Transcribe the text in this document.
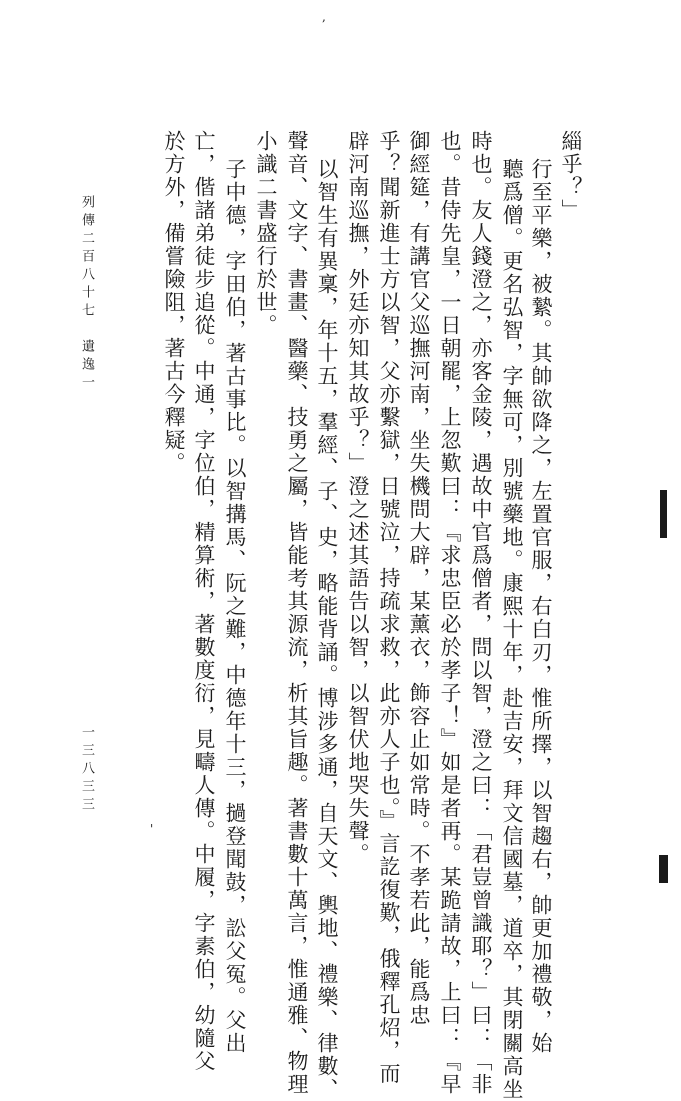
,
緇乎？」
行至平樂，被縶。其帥欲降之，左置官服，右白刃，惟所擇，以智趨右，帥更加禮敬，始
聽爲僧。更名弘智，字無可，別號藥地。康熙十年，赴吉安，拜文信國墓，道卒，其閉關高坐
時也。友人錢澄之，亦客金陵，遇故中官爲僧者，問以智，澄之曰：「君豈曾識耶？」曰：「非
也。昔侍先皇，一日朝罷，上忽歎曰：『求忠臣必於孝子！』如是者再。某跪請故，上曰：『早
御經筵，有講官父巡撫河南，坐失機問大辟，某薰衣，飾容止如常時。不孝若此，能爲忠
乎？聞新進士方以智，父亦繫獄，日號泣，持疏求救，此亦人子也。』言訖復歎，俄釋孔炤，而
辟河南巡撫，外廷亦知其故乎？」澄之述其語告以智，以智伏地哭失聲。
以智生有異稟，年十五，羣經、子、史，略能背誦。博涉多通，自天文、輿地、禮樂、律數、
聲音、文字、書畫、醫藥、技勇之屬，皆能考其源流，析其旨趣。著書數十萬言，惟通雅、物理
小識二書盛行於世。
子中德，字田伯，著古事比。以智搆馬、阮之難，中德年十三，撾登聞鼓，訟父冤。父出
亡，偕諸弟徒步追從。中通，字位伯，精算術，著數度衍，見疇人傳。中履，字素伯，幼隨父
於方外，備嘗險阻，著古今釋疑。
列傳二百八十七　遺逸一
一三八三三
'
